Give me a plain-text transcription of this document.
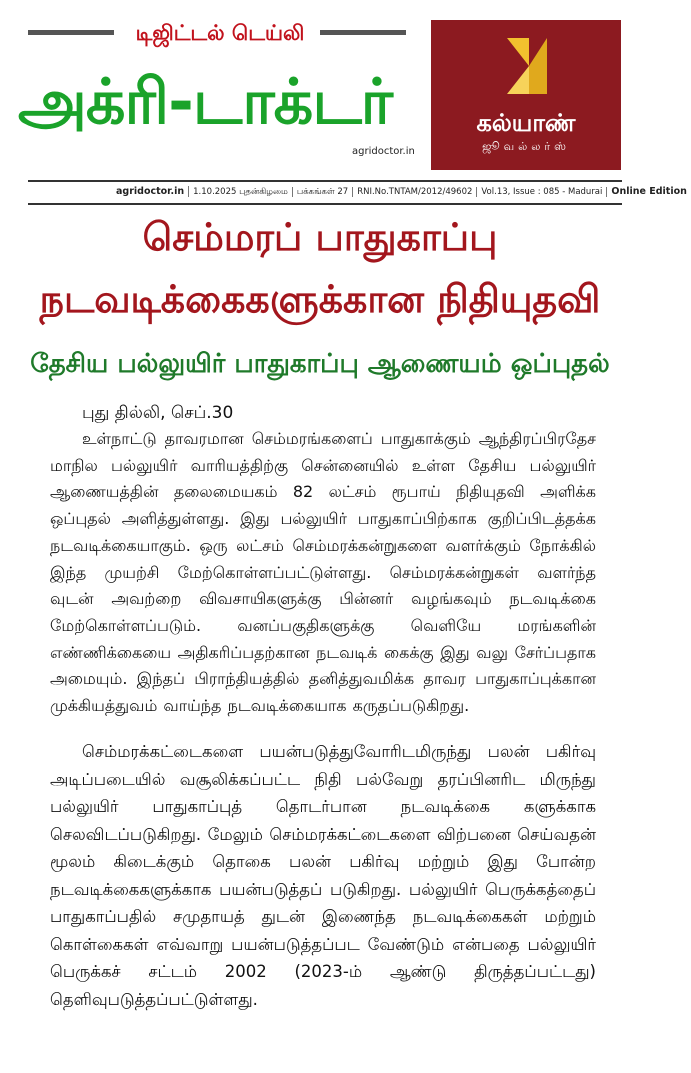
டிஜிட்டல் டெய்லி
அக்ரி-டாக்டர்
agridoctor.in
கல்யாண்
ஜூவல்லர்ஸ்
agridoctor.in 1.10.2025 புதன்கிழமை பக்கங்கள் 27 RNI.No.TNTAM/2012/49602 Vol.13, Issue : 085 - Madurai Online Edition
செம்மரப் பாதுகாப்பு
நடவடிக்கைகளுக்கான நிதியுதவி
தேசிய பல்லுயிர் பாதுகாப்பு ஆணையம் ஒப்புதல்
புது தில்லி, செப்.30
உள்நாட்டு தாவரமான செம்மரங்களைப் பாதுகாக்கும் ஆந்திரப்பிரதேச மாநில பல்லுயிர் வாரியத்திற்கு சென்னையில் உள்ள தேசிய பல்லுயிர் ஆணையத்தின் தலைமையகம் 82 லட்சம் ரூபாய் நிதியுதவி அளிக்க ஒப்புதல் அளித்துள்ளது. இது பல்லுயிர் பாதுகாப்பிற்காக குறிப்பிடத்தக்க நடவடிக்கையாகும். ஒரு லட்சம் செம்மரக்கன்றுகளை வளர்க்கும் நோக்கில் இந்த முயற்சி மேற்கொள்ளப்பட்டுள்ளது. செம்மரக்கன்றுகள் வளர்ந்த வுடன் அவற்றை விவசாயிகளுக்கு பின்னர் வழங்கவும் நடவடிக்கை மேற்கொள்ளப்படும். வனப்பகுதிகளுக்கு வெளியே மரங்களின் எண்ணிக்கையை அதிகரிப்பதற்கான நடவடிக் கைக்கு இது வலு சேர்ப்பதாக அமையும். இந்தப் பிராந்தியத்தில் தனித்துவமிக்க தாவர பாதுகாப்புக்கான முக்கியத்துவம் வாய்ந்த நடவடிக்கையாக கருதப்படுகிறது.
செம்மரக்கட்டைகளை பயன்படுத்துவோரிடமிருந்து பலன் பகிர்வு அடிப்படையில் வசூலிக்கப்பட்ட நிதி பல்வேறு தரப்பினரிட மிருந்து பல்லுயிர் பாதுகாப்புத் தொடர்பான நடவடிக்கை களுக்காக செலவிடப்படுகிறது. மேலும் செம்மரக்கட்டைகளை விற்பனை செய்வதன் மூலம் கிடைக்கும் தொகை பலன் பகிர்வு மற்றும் இது போன்ற நடவடிக்கைகளுக்காக பயன்படுத்தப் படுகிறது. பல்லுயிர் பெருக்கத்தைப் பாதுகாப்பதில் சமுதாயத் துடன் இணைந்த நடவடிக்கைகள் மற்றும் கொள்கைகள் எவ்வாறு பயன்படுத்தப்பட வேண்டும் என்பதை பல்லுயிர் பெருக்கச் சட்டம் 2002 (2023-ம் ஆண்டு திருத்தப்பட்டது) தெளிவுபடுத்தப்பட்டுள்ளது.
